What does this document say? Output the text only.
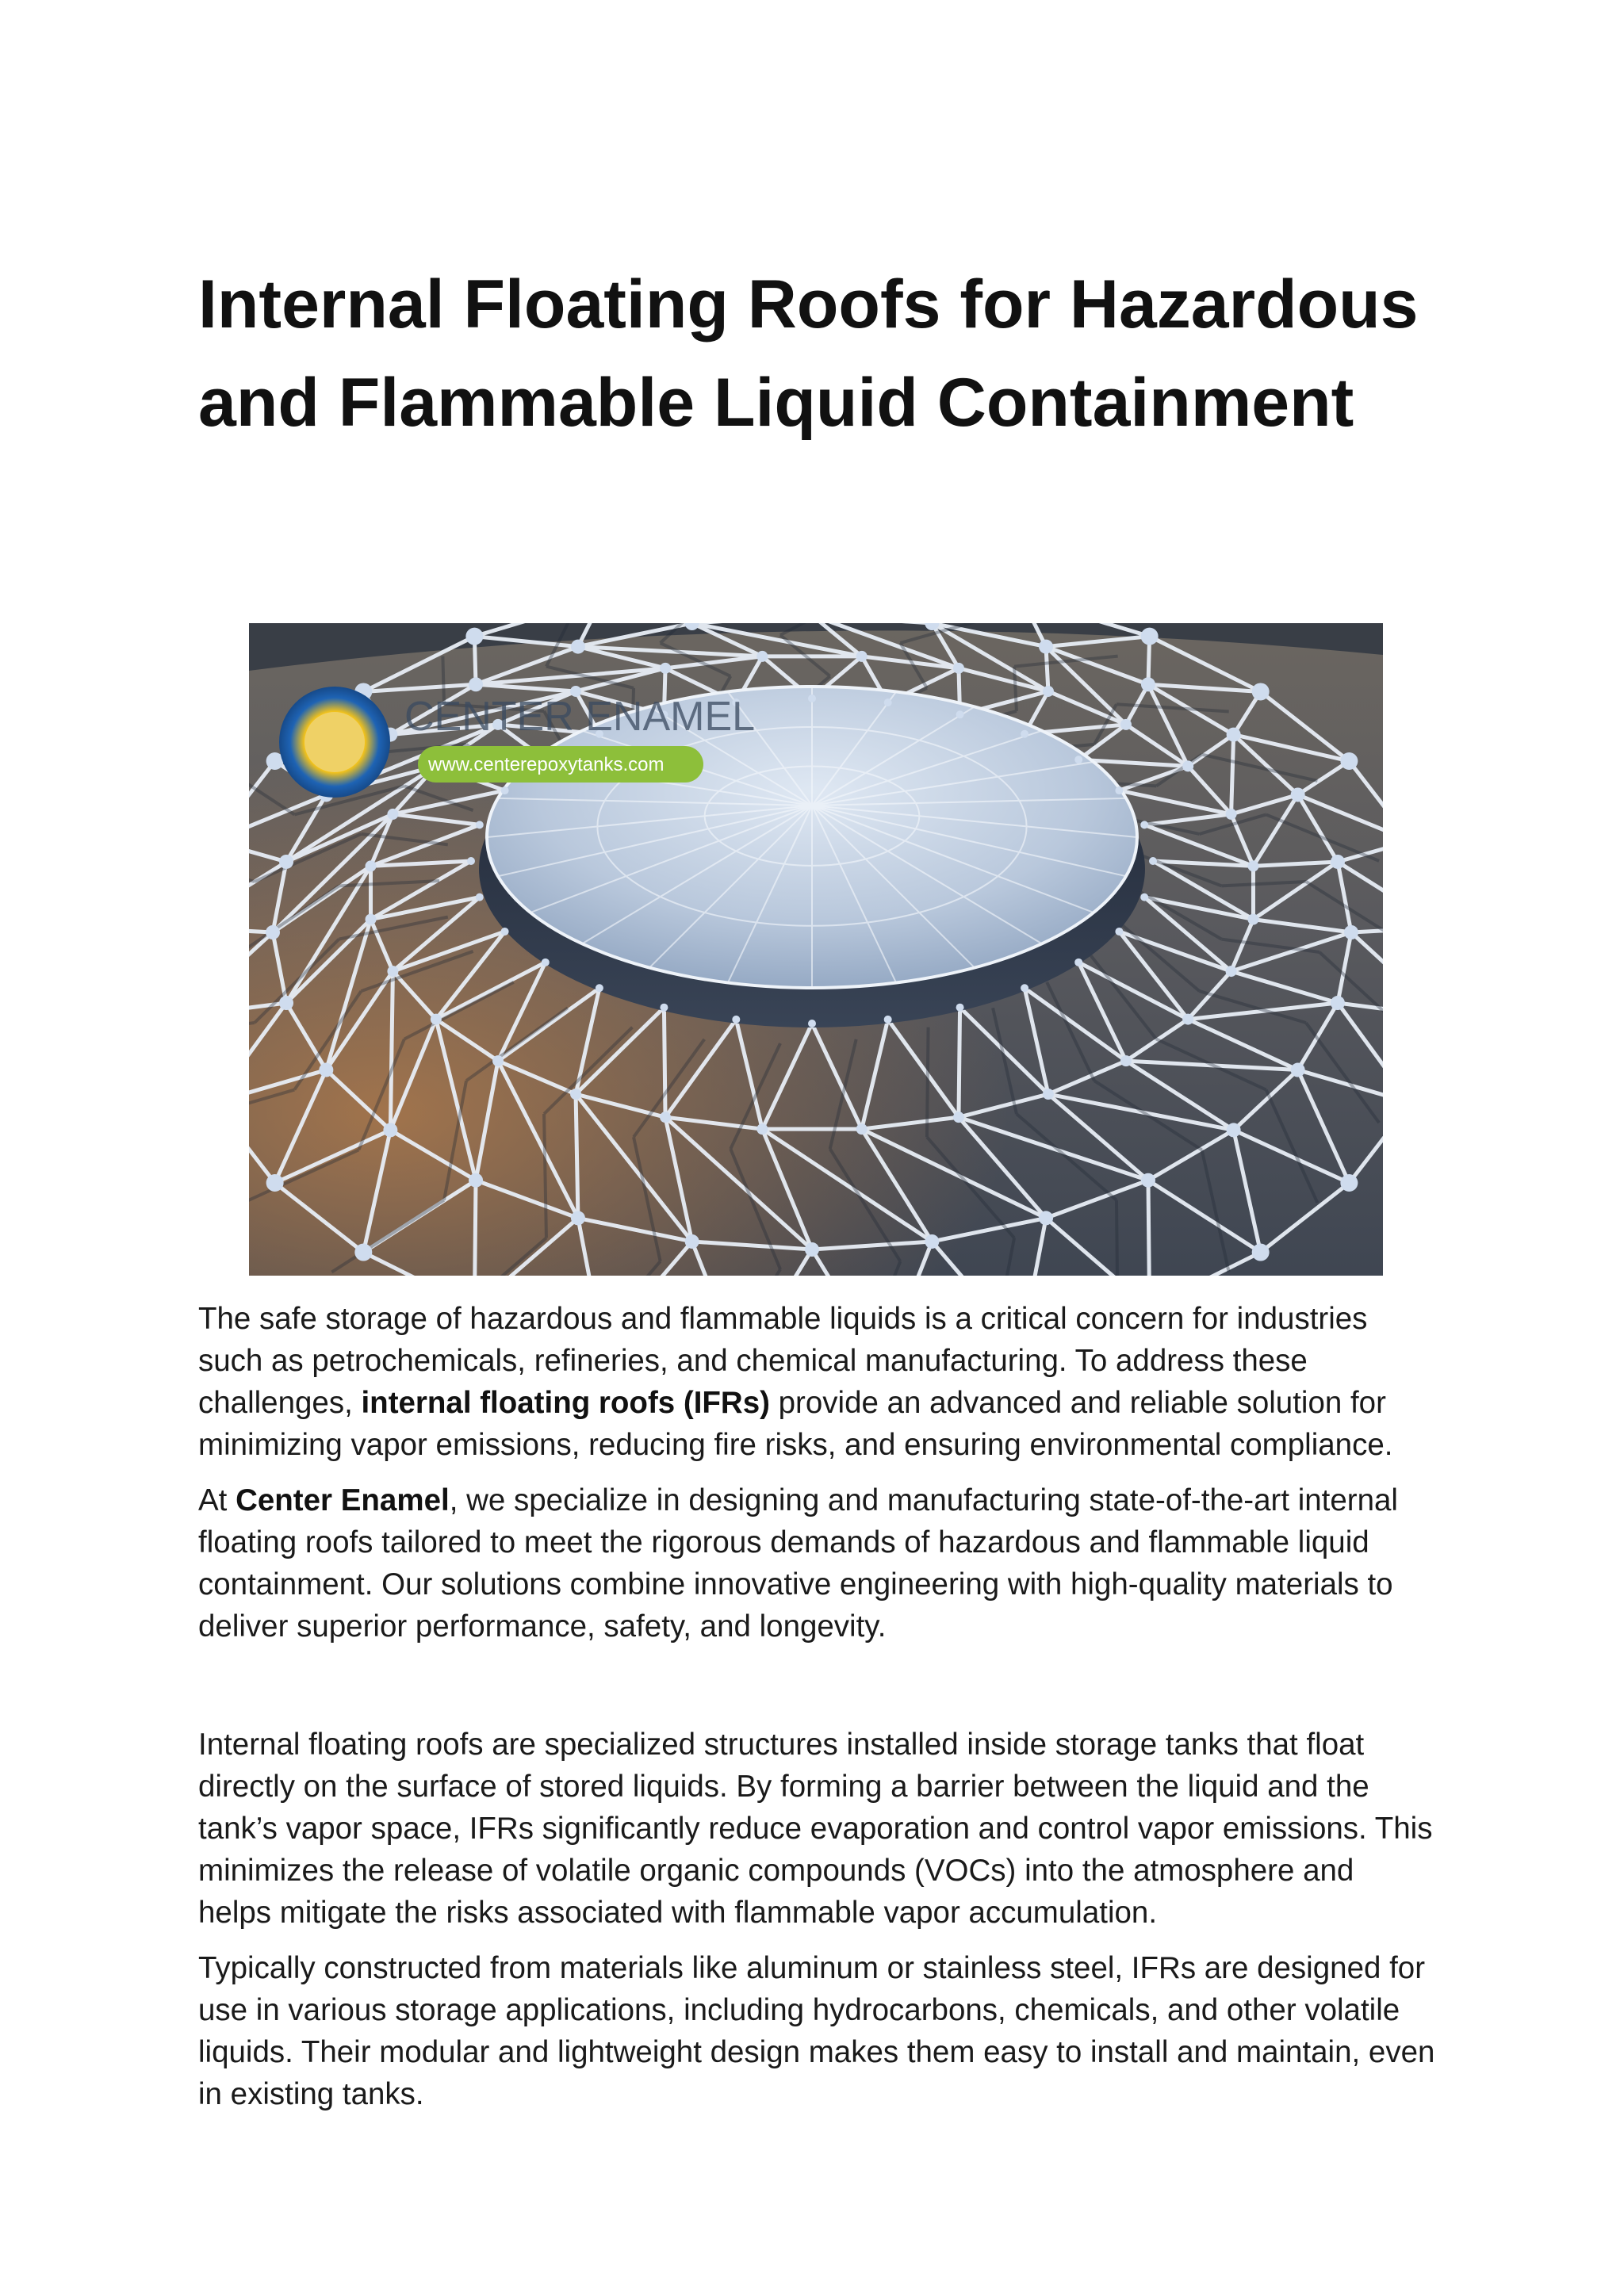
Internal Floating Roofs for Hazardous and Flammable Liquid Containment
CENTER ENAMEL
www.centerepoxytanks.com

The safe storage of hazardous and flammable liquids is a critical concern for industries such as petrochemicals, refineries, and chemical manufacturing. To address these challenges, internal floating roofs (IFRs) provide an advanced and reliable solution for minimizing vapor emissions, reducing fire risks, and ensuring environmental compliance.

At Center Enamel, we specialize in designing and manufacturing state-of-the-art internal floating roofs tailored to meet the rigorous demands of hazardous and flammable liquid containment. Our solutions combine innovative engineering with high-quality materials to deliver superior performance, safety, and longevity.

Internal floating roofs are specialized structures installed inside storage tanks that float directly on the surface of stored liquids. By forming a barrier between the liquid and the tank’s vapor space, IFRs significantly reduce evaporation and control vapor emissions. This minimizes the release of volatile organic compounds (VOCs) into the atmosphere and helps mitigate the risks associated with flammable vapor accumulation.

Typically constructed from materials like aluminum or stainless steel, IFRs are designed for use in various storage applications, including hydrocarbons, chemicals, and other volatile liquids. Their modular and lightweight design makes them easy to install and maintain, even in existing tanks.
